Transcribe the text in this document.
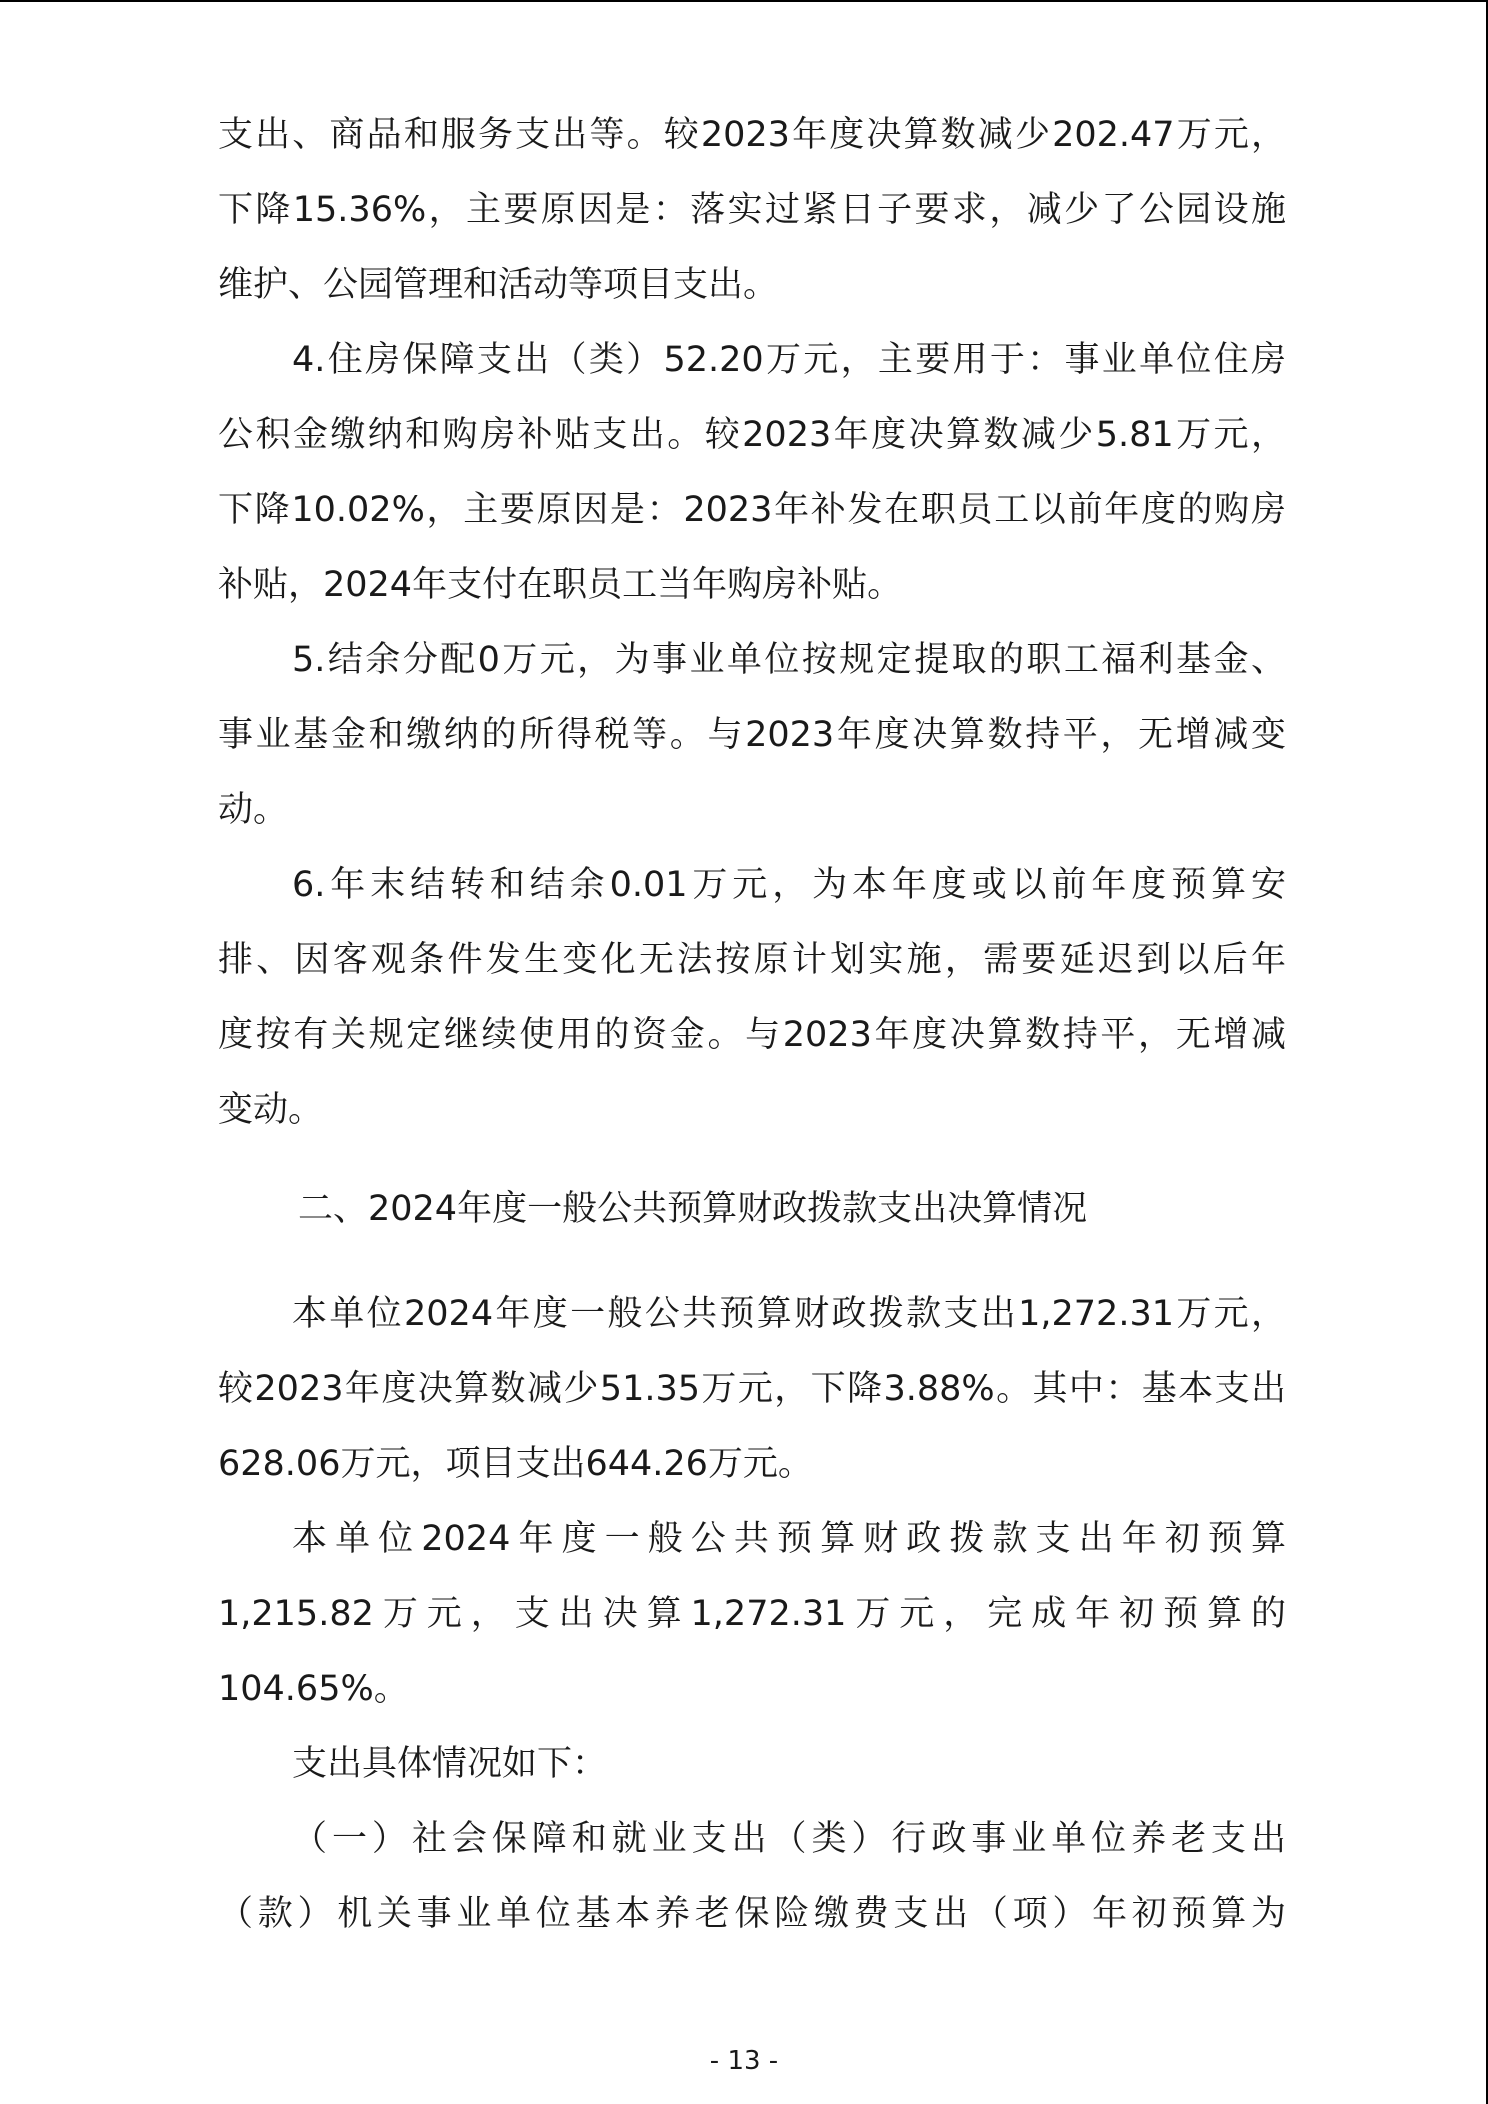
支出、商品和服务支出等。较2023年度决算数减少202.47万元，
下降15.36%，主要原因是：落实过紧日子要求，减少了公园设施
维护、公园管理和活动等项目支出。
4.住房保障支出（类）52.20万元，主要用于：事业单位住房
公积金缴纳和购房补贴支出。较2023年度决算数减少5.81万元，
下降10.02%，主要原因是：2023年补发在职员工以前年度的购房
补贴，2024年支付在职员工当年购房补贴。
5.结余分配0万元，为事业单位按规定提取的职工福利基金、
事业基金和缴纳的所得税等。与2023年度决算数持平，无增减变
动。
6.年末结转和结余0.01万元，为本年度或以前年度预算安
排、因客观条件发生变化无法按原计划实施，需要延迟到以后年
度按有关规定继续使用的资金。与2023年度决算数持平，无增减
变动。
二、2024年度一般公共预算财政拨款支出决算情况
本单位2024年度一般公共预算财政拨款支出1,272.31万元，
较2023年度决算数减少51.35万元，下降3.88%。其中：基本支出
628.06万元，项目支出644.26万元。
本单位2024年度一般公共预算财政拨款支出年初预算
1,215.82万元，支出决算1,272.31万元，完成年初预算的
104.65%。
支出具体情况如下：
（一）社会保障和就业支出（类）行政事业单位养老支出
（款）机关事业单位基本养老保险缴费支出（项）年初预算为
- 13 -
